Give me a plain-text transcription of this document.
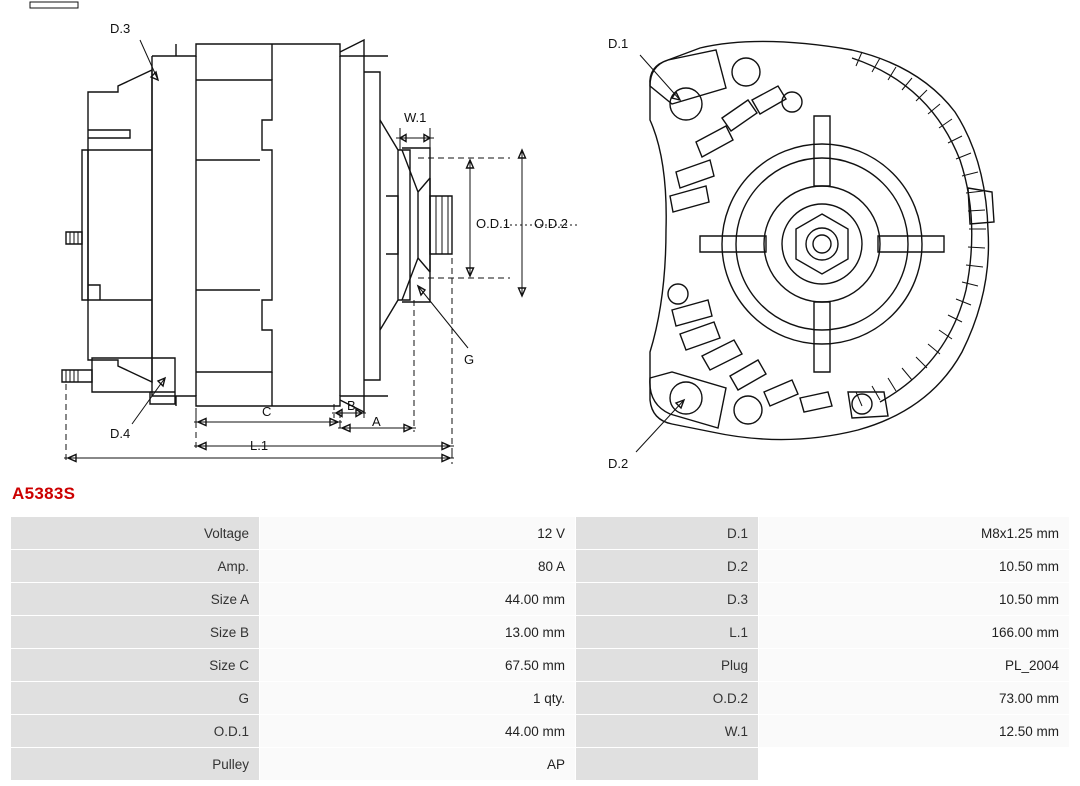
W.1
O.D.1 O.D.2
G
D.3
D.4
C	B
A
L.1
D.1
D.2
A5383S
Voltage	12 V	D.1	M8x1.25 mm
Amp.	80 A	D.2	10.50 mm
Size A	44.00 mm	D.3	10.50 mm
Size B	13.00 mm	L.1	166.00 mm
Size C	67.50 mm	Plug	PL_2004
G	1 qty.	O.D.2	73.00 mm
O.D.1	44.00 mm	W.1	12.50 mm
Pulley	AP		
